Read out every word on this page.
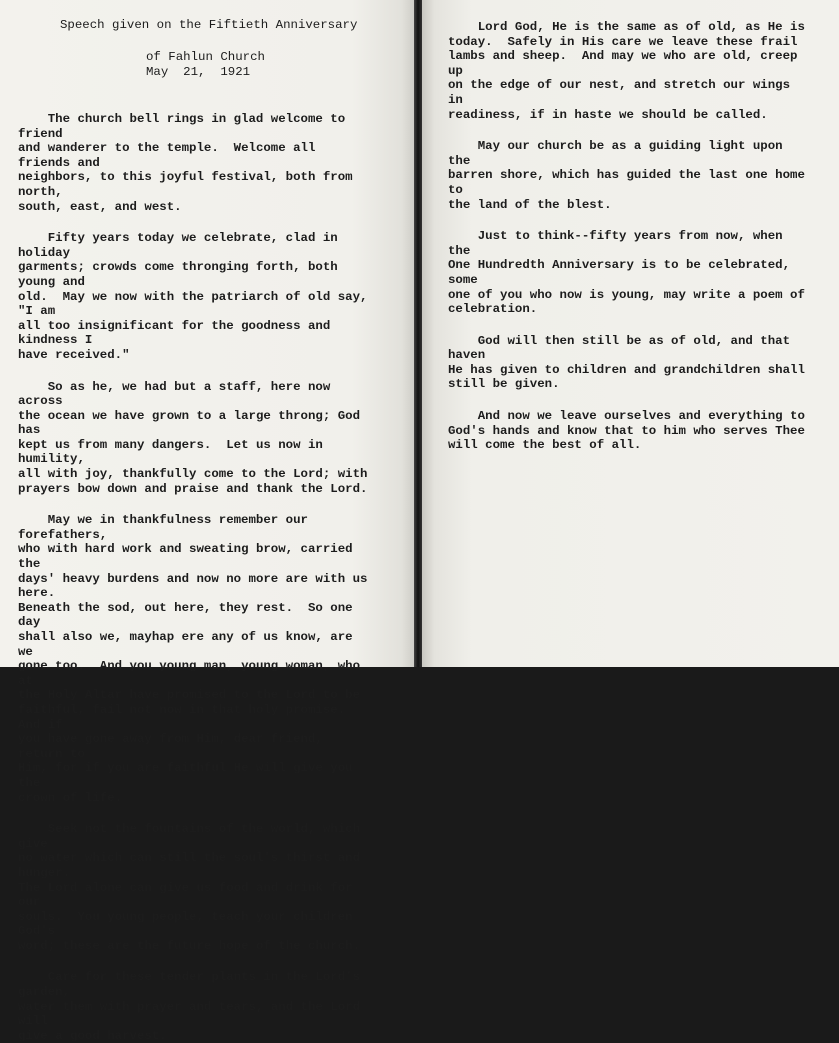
Speech given on the Fiftieth Anniversary
of Fahlun Church
May  21,  1921

The church bell rings in glad welcome to friend
and wanderer to the temple.  Welcome all friends and
neighbors, to this joyful festival, both from north,
south, east, and west.

Fifty years today we celebrate, clad in holiday
garments; crowds come thronging forth, both young and
old.  May we now with the patriarch of old say, "I am
all too insignificant for the goodness and kindness I
have received."

So as he, we had but a staff, here now across
the ocean we have grown to a large throng; God has
kept us from many dangers.  Let us now in humility,
all with joy, thankfully come to the Lord; with
prayers bow down and praise and thank the Lord.

May we in thankfulness remember our forefathers,
who with hard work and sweating brow, carried the
days' heavy burdens and now no more are with us here.
Beneath the sod, out here, they rest.  So one day
shall also we, mayhap ere any of us know, are we
gone too.  And you young man, young woman, who at
the Holy Altar have promised to the Lord to be
faithful, fail not now in that holy promise.  And if
you have gone away from Him, dear friend, return to
Him, for if you are faithful He will give you the
crown of life.

Seek not the fountains of the world, which give
no water which can still the soul's thirst and hunger.
The Lord alone can give us food and drink for our
souls.  You young people, teach your children God's
word; these are the future hope of the church.

Care for these tender plants in the Lord's garden,
water them with prayer and tears, and the Lord will
give a good harvest.

Lord God, He is the same as of old, as He is
today.  Safely in His care we leave these frail
lambs and sheep.  And may we who are old, creep up
on the edge of our nest, and stretch our wings in
readiness, if in haste we should be called.

May our church be as a guiding light upon the
barren shore, which has guided the last one home to
the land of the blest.

Just to think--fifty years from now, when the
One Hundredth Anniversary is to be celebrated, some
one of you who now is young, may write a poem of
celebration.

God will then still be as of old, and that haven
He has given to children and grandchildren shall
still be given.

And now we leave ourselves and everything to
God's hands and know that to him who serves Thee
will come the best of all.
